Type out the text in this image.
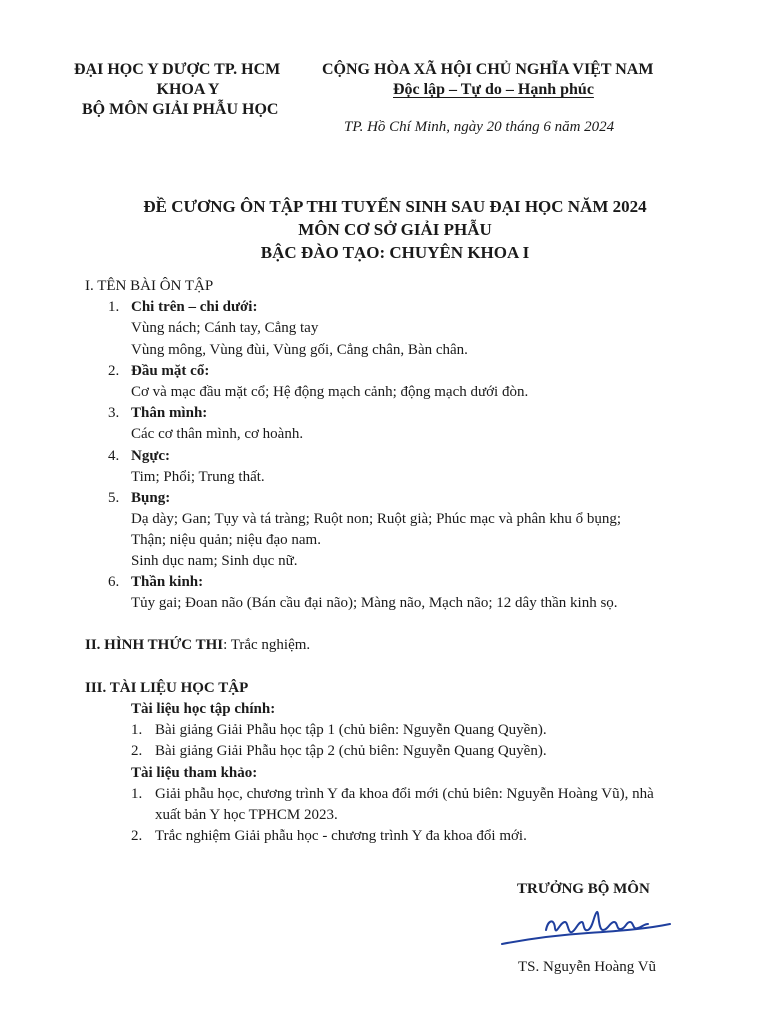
ĐẠI HỌC Y DƯỢC TP. HCM
KHOA Y
BỘ MÔN GIẢI PHẪU HỌC
CỘNG HÒA XÃ HỘI CHỦ NGHĨA VIỆT NAM
Độc lập – Tự do – Hạnh phúc
TP. Hồ Chí Minh, ngày 20 tháng 6 năm 2024
ĐỀ CƯƠNG ÔN TẬP THI TUYỂN SINH SAU ĐẠI HỌC NĂM 2024
MÔN CƠ SỞ GIẢI PHẪU
BẬC ĐÀO TẠO: CHUYÊN KHOA I
I. TÊN BÀI ÔN TẬP
1. Chi trên – chi dưới:
Vùng nách; Cánh tay, Cẳng tay
Vùng mông, Vùng đùi, Vùng gối, Cẳng chân, Bàn chân.
2. Đầu mặt cổ:
Cơ và mạc đầu mặt cổ; Hệ động mạch cảnh; động mạch dưới đòn.
3. Thân mình:
Các cơ thân mình, cơ hoành.
4. Ngực:
Tim; Phổi; Trung thất.
5. Bụng:
Dạ dày; Gan; Tụy và tá tràng; Ruột non; Ruột già; Phúc mạc và phân khu ổ bụng;
Thận; niệu quản; niệu đạo nam.
Sinh dục nam; Sinh dục nữ.
6. Thần kinh:
Tủy gai; Đoan não (Bán cầu đại não); Màng não, Mạch não; 12 dây thần kinh sọ.
II. HÌNH THỨC THI: Trắc nghiệm.
III. TÀI LIỆU HỌC TẬP
Tài liệu học tập chính:
1. Bài giảng Giải Phẫu học tập 1 (chủ biên: Nguyễn Quang Quyền).
2. Bài giảng Giải Phẫu học tập 2 (chủ biên: Nguyễn Quang Quyền).
Tài liệu tham khảo:
1. Giải phẫu học, chương trình Y đa khoa đổi mới (chủ biên: Nguyễn Hoàng Vũ), nhà
xuất bản Y học TPHCM 2023.
2. Trắc nghiệm Giải phẫu học - chương trình Y đa khoa đổi mới.
TRƯỞNG BỘ MÔN
TS. Nguyễn Hoàng Vũ
